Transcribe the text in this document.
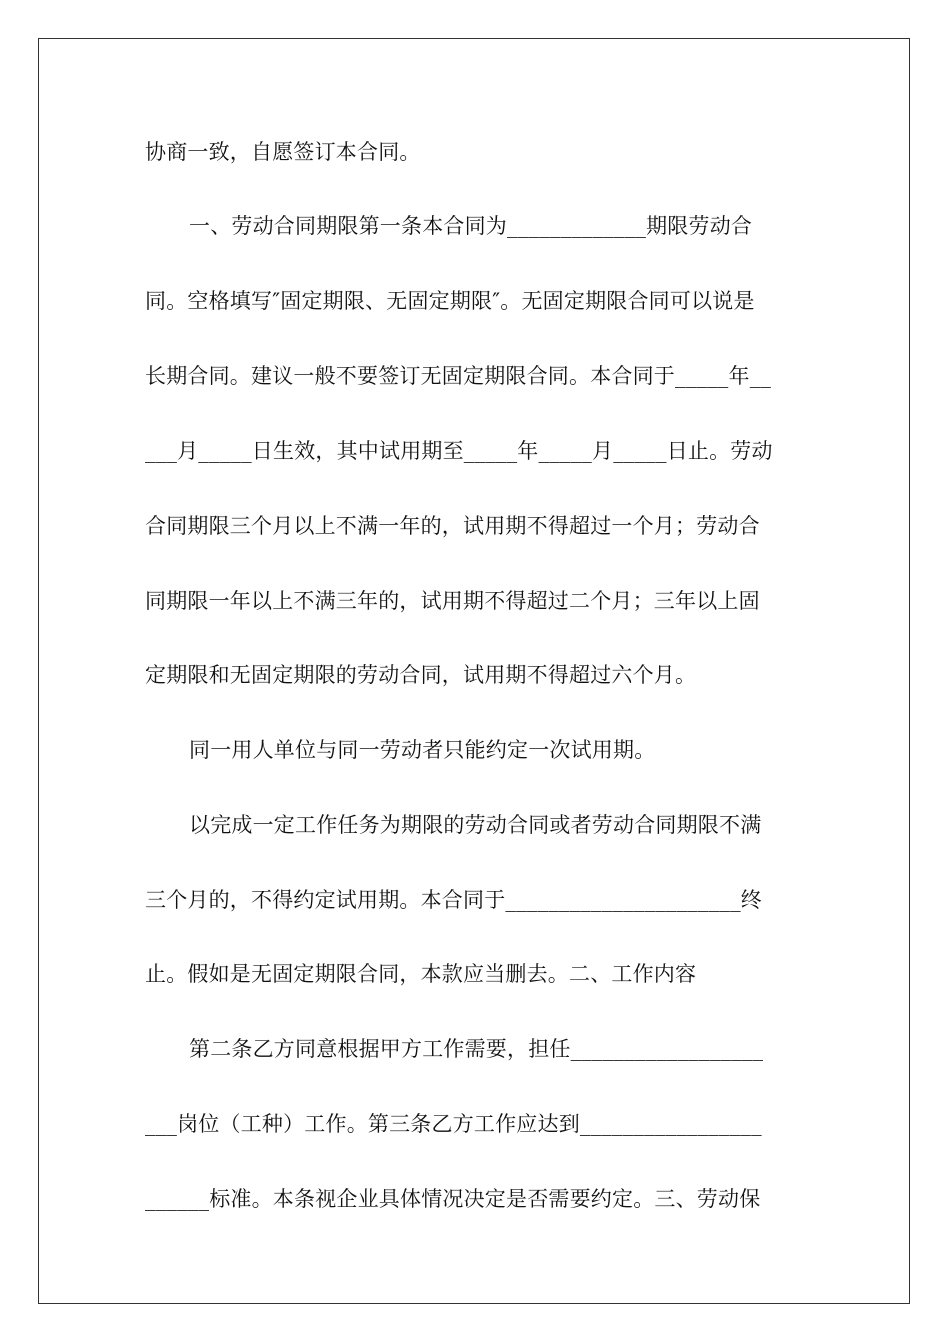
协商一致，自愿签订本合同。
一、劳动合同期限第一条本合同为_____________期限劳动合
同。空格填写″固定期限、无固定期限″。无固定期限合同可以说是
长期合同。建议一般不要签订无固定期限合同。本合同于_____年__
___月_____日生效，其中试用期至_____年_____月_____日止。劳动
合同期限三个月以上不满一年的，试用期不得超过一个月；劳动合
同期限一年以上不满三年的，试用期不得超过二个月；三年以上固
定期限和无固定期限的劳动合同，试用期不得超过六个月。
同一用人单位与同一劳动者只能约定一次试用期。
以完成一定工作任务为期限的劳动合同或者劳动合同期限不满
三个月的，不得约定试用期。本合同于______________________终
止。假如是无固定期限合同，本款应当删去。二、工作内容
第二条乙方同意根据甲方工作需要，担任__________________
___岗位（工种）工作。第三条乙方工作应达到_________________
______标准。本条视企业具体情况决定是否需要约定。三、劳动保
